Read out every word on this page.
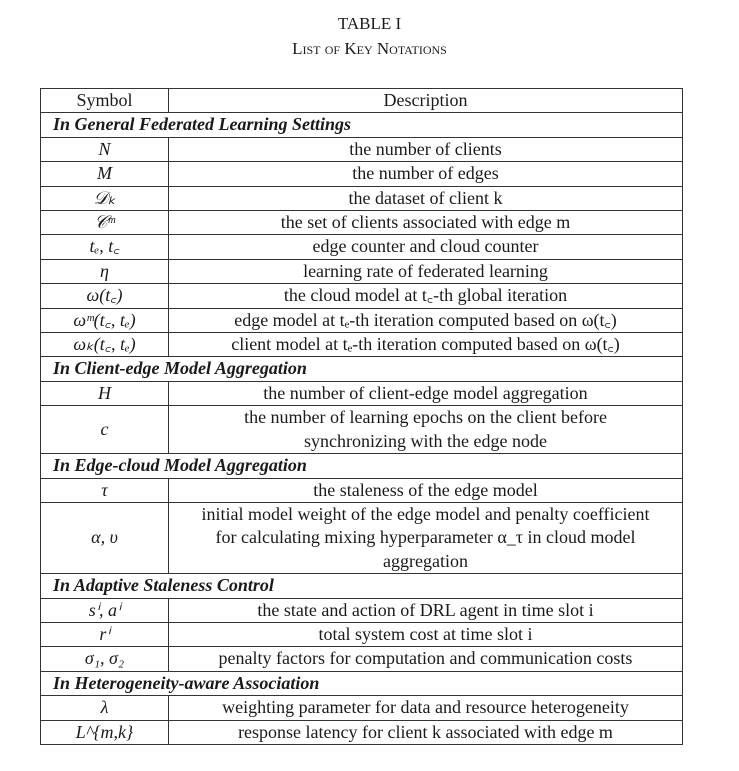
TABLE I
List of Key Notations
Symbol	Description
In General Federated Learning Settings	
N	the number of clients
M	the number of edges
𝒟ₖ	the dataset of client k
𝒞ᵐ	the set of clients associated with edge m
tₑ, t꜀	edge counter and cloud counter
η	learning rate of federated learning
ω(t꜀)	the cloud model at t꜀-th global iteration
ωᵐ(t꜀, tₑ)	edge model at tₑ-th iteration computed based on ω(t꜀)
ωₖ(t꜀, tₑ)	client model at tₑ-th iteration computed based on ω(t꜀)
In Client-edge Model Aggregation	
H	the number of client-edge model aggregation
c	the number of learning epochs on the client before synchronizing with the edge node
In Edge-cloud Model Aggregation	
τ	the staleness of the edge model
α, υ	initial model weight of the edge model and penalty coefficient for calculating mixing hyperparameter α_τ in cloud model aggregation
In Adaptive Staleness Control	
sⁱ, aⁱ	the state and action of DRL agent in time slot i
rⁱ	total system cost at time slot i
σ₁, σ₂	penalty factors for computation and communication costs
In Heterogeneity-aware Association	
λ	weighting parameter for data and resource heterogeneity
L^{m,k}	response latency for client k associated with edge m
